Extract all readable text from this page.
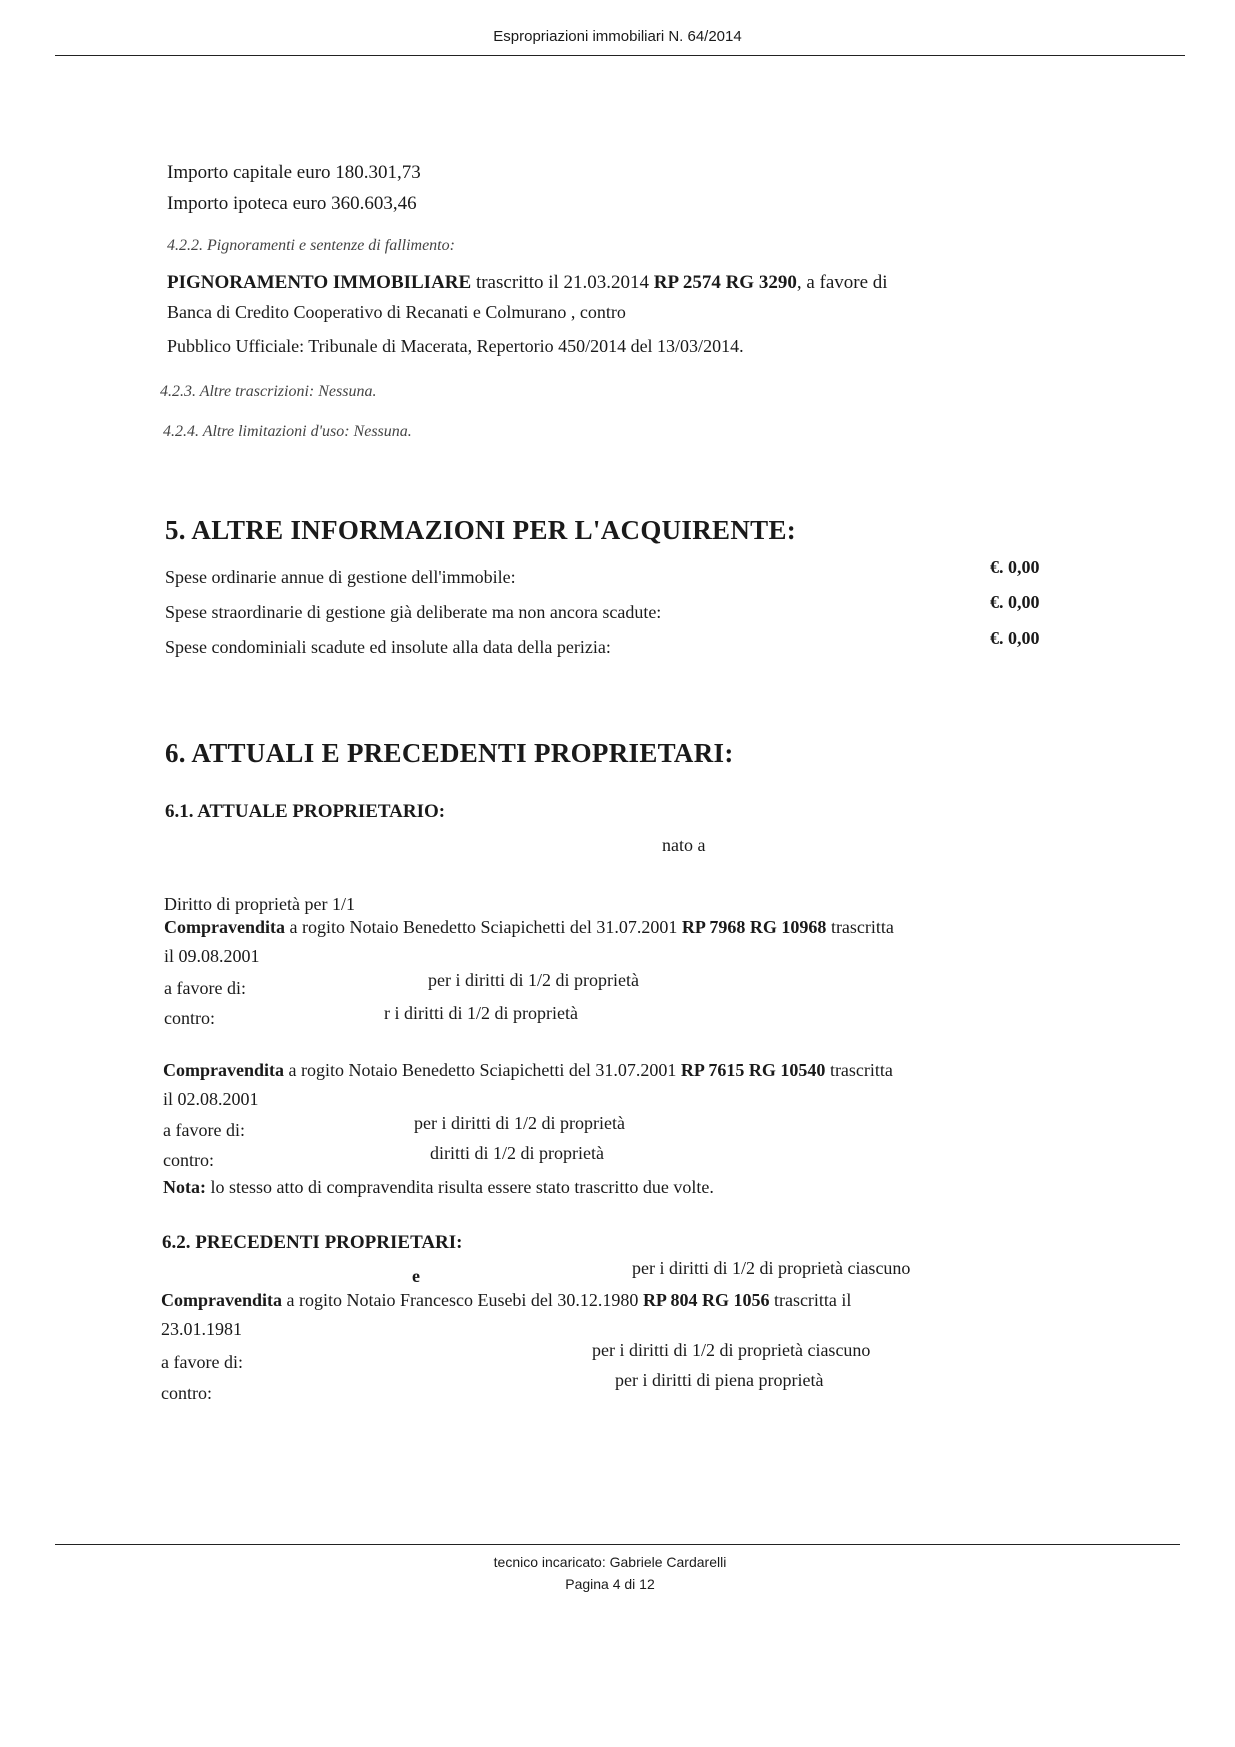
Espropriazioni immobiliari N. 64/2014
Importo capitale euro 180.301,73
Importo ipoteca euro 360.603,46
4.2.2. Pignoramenti e sentenze di fallimento:
PIGNORAMENTO IMMOBILIARE trascritto il 21.03.2014 RP 2574 RG 3290, a favore di
Banca di Credito Cooperativo di Recanati e Colmurano , contro
Pubblico Ufficiale: Tribunale di Macerata, Repertorio 450/2014 del 13/03/2014.
4.2.3. Altre trascrizioni: Nessuna.
4.2.4. Altre limitazioni d'uso: Nessuna.
5. ALTRE INFORMAZIONI PER L'ACQUIRENTE:
Spese ordinarie annue di gestione dell'immobile:	€. 0,00
Spese straordinarie di gestione già deliberate ma non ancora scadute:	€. 0,00
Spese condominiali scadute ed insolute alla data della perizia:	€. 0,00
6. ATTUALI E PRECEDENTI PROPRIETARI:
6.1. ATTUALE PROPRIETARIO:
nato a
Diritto di proprietà per 1/1
Compravendita a rogito Notaio Benedetto Sciapichetti del 31.07.2001 RP 7968 RG 10968 trascritta
il 09.08.2001
a favore di:	per i diritti di 1/2 di proprietà
contro:	r i diritti di 1/2 di proprietà
Compravendita a rogito Notaio Benedetto Sciapichetti del 31.07.2001 RP 7615 RG 10540 trascritta
il 02.08.2001
a favore di:	per i diritti di 1/2 di proprietà
contro:	diritti di 1/2 di proprietà
Nota: lo stesso atto di compravendita risulta essere stato trascritto due volte.
6.2. PRECEDENTI PROPRIETARI:
e	per i diritti di 1/2 di proprietà ciascuno
Compravendita a rogito Notaio Francesco Eusebi del 30.12.1980 RP 804 RG 1056 trascritta il
23.01.1981
a favore di:
per i diritti di 1/2 di proprietà ciascuno
contro:
per i diritti di piena proprietà
tecnico incaricato: Gabriele Cardarelli
Pagina 4 di 12
